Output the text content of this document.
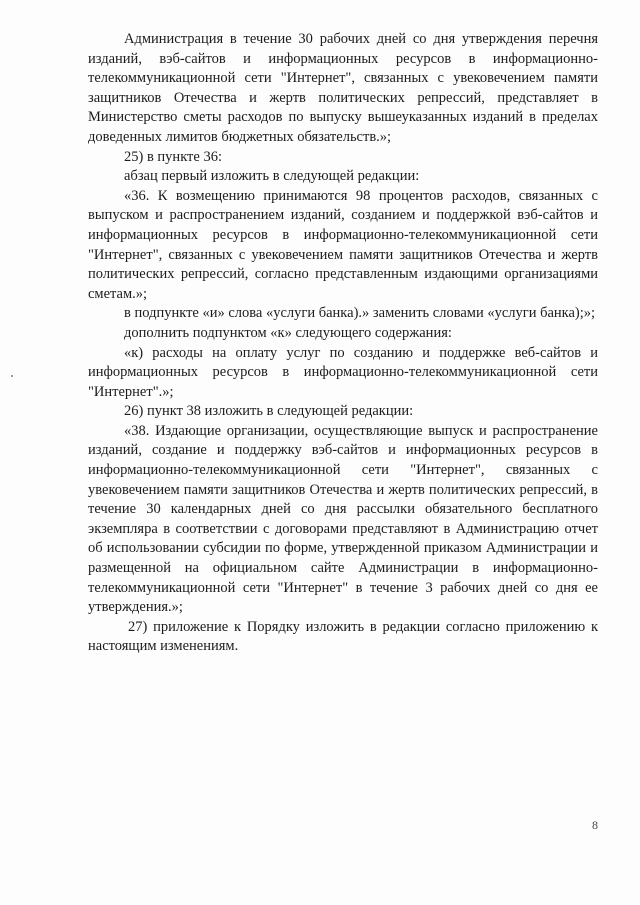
Администрация в течение 30 рабочих дней со дня утверждения перечня изданий, вэб-сайтов и информационных ресурсов в информационно-телекоммуникационной сети "Интернет", связанных с увековечением памяти защитников Отечества и жертв политических репрессий, представляет в Министерство сметы расходов по выпуску вышеуказанных изданий в пределах доведенных лимитов бюджетных обязательств.»;

25) в пункте 36:

абзац первый изложить в следующей редакции:

«36. К возмещению принимаются 98 процентов расходов, связанных с выпуском и распространением изданий, созданием и поддержкой вэб-сайтов и информационных ресурсов в информационно-телекоммуникационной сети "Интернет", связанных с увековечением памяти защитников Отечества и жертв политических репрессий, согласно представленным издающими организациями сметам.»;

в подпункте «и» слова «услуги банка).» заменить словами «услуги банка);»;

дополнить подпунктом «к» следующего содержания:

«к) расходы на оплату услуг по созданию и поддержке веб-сайтов и информационных ресурсов в информационно-телекоммуникационной сети "Интернет".»;

26) пункт 38 изложить в следующей редакции:

«38. Издающие организации, осуществляющие выпуск и распространение изданий, создание и поддержку вэб-сайтов и информационных ресурсов в информационно-телекоммуникационной сети "Интернет", связанных с увековечением памяти защитников Отечества и жертв политических репрессий, в течение 30 календарных дней со дня рассылки обязательного бесплатного экземпляра в соответствии с договорами представляют в Администрацию отчет об использовании субсидии по форме, утвержденной приказом Администрации и размещенной на официальном сайте Администрации в информационно-телекоммуникационной сети "Интернет" в течение 3 рабочих дней со дня ее утверждения.»;

27) приложение к Порядку изложить в редакции согласно приложению к настоящим изменениям.

8
